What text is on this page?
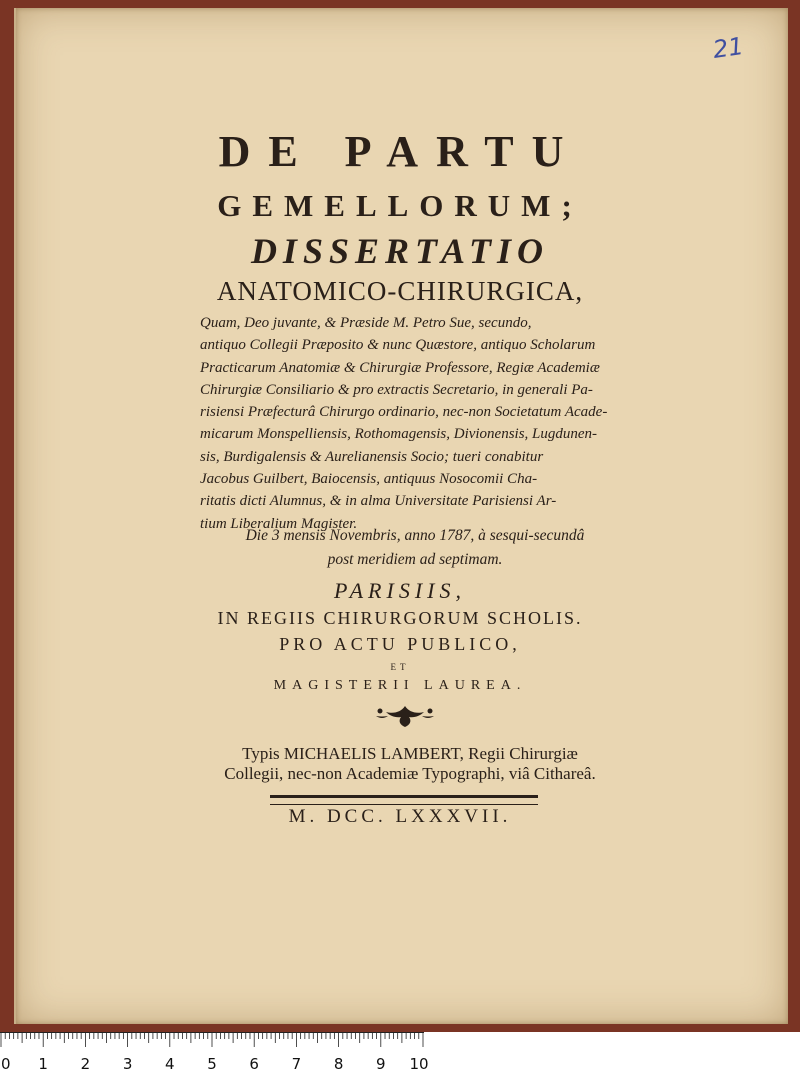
21
DE PARTU
GEMELLORUM;
DISSERTATIO
ANATOMICO-CHIRURGICA,
Quam, Deo juvante, & Præside M. Petro Sue, secundo,
antiquo Collegii Præposito & nunc Quæstore, antiquo Scholarum
Practicarum Anatomiæ & Chirurgiæ Professore, Regiæ Academiæ
Chirurgiæ Consiliario & pro extractis Secretario, in generali Pa-
risiensi Præfecturâ Chirurgo ordinario, nec-non Societatum Acade-
micarum Monspelliensis, Rothomagensis, Divionensis, Lugdunen-
sis, Burdigalensis & Aurelianensis Socio; tueri conabitur
Jacobus Guilbert, Baiocensis, antiquus Nosocomii Cha-
ritatis dicti Alumnus, & in alma Universitate Parisiensi Ar-
tium Liberalium Magister.
Die 3 mensis Novembris, anno 1787, à sesqui-secundâ
post meridiem ad septimam.
PARISIIS,
IN REGIIS CHIRURGORUM SCHOLIS.
PRO ACTU PUBLICO,
ET
MAGISTERII LAUREA.
Typis MICHAELIS LAMBERT, Regii Chirurgiæ
Collegii, nec-non Academiæ Typographi, viâ Cithareâ.
M. DCC. LXXXVII.
0 1 2 3 4 5 6 7 8 9 10
